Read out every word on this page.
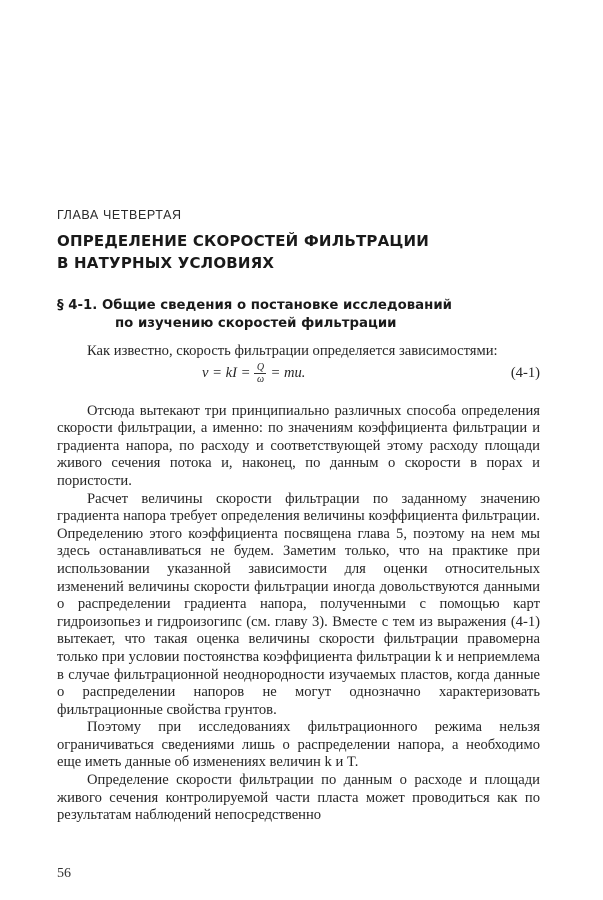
ГЛАВА ЧЕТВЕРТАЯ
ОПРЕДЕЛЕНИЕ СКОРОСТЕЙ ФИЛЬТРАЦИИ
В НАТУРНЫХ УСЛОВИЯХ
§ 4-1. Общие сведения о постановке исследований
по изучению скоростей фильтрации

Как известно, скорость фильтрации определяется зависимостями:

v = kI = $\frac{Q}{\omega}$ = mu.	(4-1)

Отсюда вытекают три принципиально различных способа определения скорости фильтрации, а именно: по значениям коэффициента фильтрации и градиента напора, по расходу и соответствующей этому расходу площади живого сечения потока и, наконец, по данным о скорости в порах и пористости.

Расчет величины скорости фильтрации по заданному значению градиента напора требует определения величины коэффициента фильтрации. Определению этого коэффициента посвящена глава 5, поэтому на нем мы здесь останавливаться не будем. Заметим только, что на практике при использовании указанной зависимости для оценки относительных изменений величины скорости фильтрации иногда довольствуются данными о распределении градиента напора, полученными с помощью карт гидроизопьез и гидроизогипс (см. главу 3). Вместе с тем из выражения (4-1) вытекает, что такая оценка величины скорости фильтрации правомерна только при условии постоянства коэффициента фильтрации k и неприемлема в случае фильтрационной неоднородности изучаемых пластов, когда данные о распределении напоров не могут однозначно характеризовать фильтрационные свойства грунтов.

Поэтому при исследованиях фильтрационного режима нельзя ограничиваться сведениями лишь о распределении напора, а необходимо еще иметь данные об изменениях величин k и T.

Определение скорости фильтрации по данным о расходе и площади живого сечения контролируемой части пласта может проводиться как по результатам наблюдений непосредственно

56
